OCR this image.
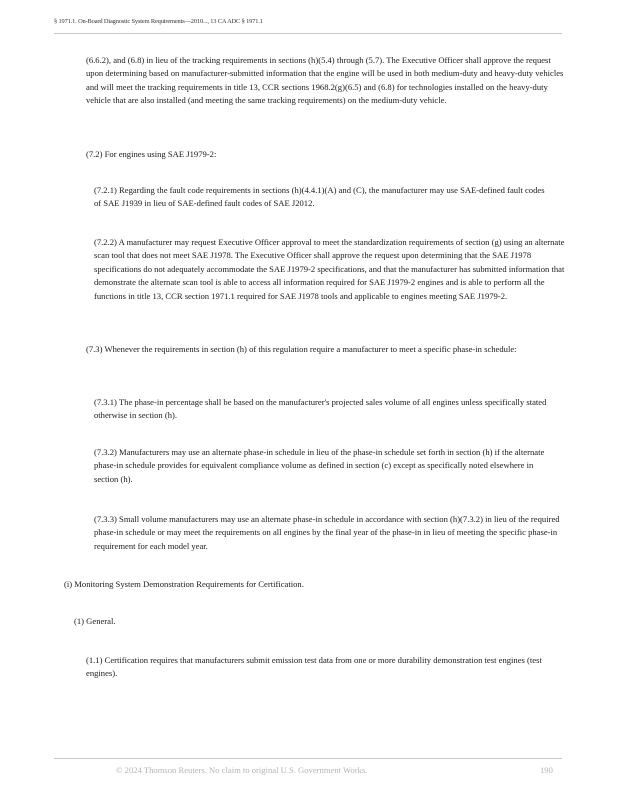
§ 1971.1. On-Board Diagnostic System Requirements—2010..., 13 CA ADC § 1971.1
(6.6.2), and (6.8) in lieu of the tracking requirements in sections (h)(5.4) through (5.7). The Executive Officer shall approve the request upon determining based on manufacturer-submitted information that the engine will be used in both medium-duty and heavy-duty vehicles and will meet the tracking requirements in title 13, CCR sections 1968.2(g)(6.5) and (6.8) for technologies installed on the heavy-duty vehicle that are also installed (and meeting the same tracking requirements) on the medium-duty vehicle.
(7.2) For engines using SAE J1979-2:
(7.2.1) Regarding the fault code requirements in sections (h)(4.4.1)(A) and (C), the manufacturer may use SAE-defined fault codes of SAE J1939 in lieu of SAE-defined fault codes of SAE J2012.
(7.2.2) A manufacturer may request Executive Officer approval to meet the standardization requirements of section (g) using an alternate scan tool that does not meet SAE J1978. The Executive Officer shall approve the request upon determining that the SAE J1978 specifications do not adequately accommodate the SAE J1979-2 specifications, and that the manufacturer has submitted information that demonstrate the alternate scan tool is able to access all information required for SAE J1979-2 engines and is able to perform all the functions in title 13, CCR section 1971.1 required for SAE J1978 tools and applicable to engines meeting SAE J1979-2.
(7.3) Whenever the requirements in section (h) of this regulation require a manufacturer to meet a specific phase-in schedule:
(7.3.1) The phase-in percentage shall be based on the manufacturer's projected sales volume of all engines unless specifically stated otherwise in section (h).
(7.3.2) Manufacturers may use an alternate phase-in schedule in lieu of the phase-in schedule set forth in section (h) if the alternate phase-in schedule provides for equivalent compliance volume as defined in section (c) except as specifically noted elsewhere in section (h).
(7.3.3) Small volume manufacturers may use an alternate phase-in schedule in accordance with section (h)(7.3.2) in lieu of the required phase-in schedule or may meet the requirements on all engines by the final year of the phase-in in lieu of meeting the specific phase-in requirement for each model year.
(i) Monitoring System Demonstration Requirements for Certification.
(1) General.
(1.1) Certification requires that manufacturers submit emission test data from one or more durability demonstration test engines (test engines).
© 2024 Thomson Reuters. No claim to original U.S. Government Works.	190
